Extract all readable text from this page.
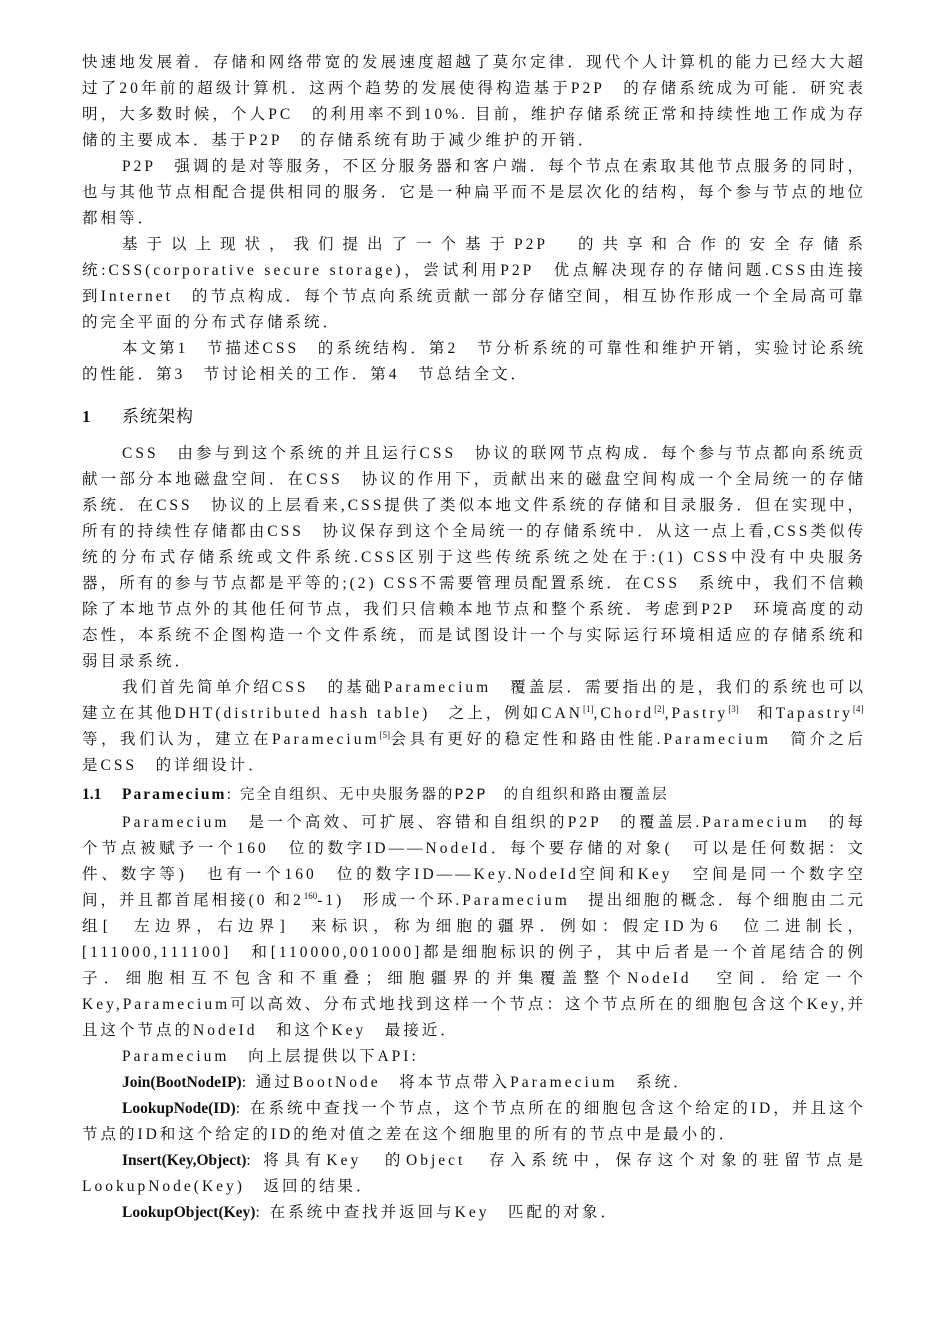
快速地发展着．存储和网络带宽的发展速度超越了莫尔定律．现代个人计算机的能力已经大大超过了20年前的超级计算机．这两个趋势的发展使得构造基于P2P　的存储系统成为可能．研究表明，大多数时候，个人PC　的利用率不到10%. 目前，维护存储系统正常和持续性地工作成为存储的主要成本．基于P2P　的存储系统有助于减少维护的开销．

P2P　强调的是对等服务，不区分服务器和客户端．每个节点在索取其他节点服务的同时，也与其他节点相配合提供相同的服务．它是一种扁平而不是层次化的结构，每个参与节点的地位都相等．

基于以上现状，我们提出了一个基于P2P　的共享和合作的安全存储系统:CSS(corporative secure storage)，尝试利用P2P　优点解决现存的存储问题.CSS由连接到Internet　的节点构成．每个节点向系统贡献一部分存储空间，相互协作形成一个全局高可靠的完全平面的分布式存储系统．

本文第1　节描述CSS　的系统结构．第2　节分析系统的可靠性和维护开销，实验讨论系统的性能．第3　节讨论相关的工作．第4　节总结全文．

1 系统架构

CSS　由参与到这个系统的并且运行CSS　协议的联网节点构成．每个参与节点都向系统贡献一部分本地磁盘空间．在CSS　协议的作用下，贡献出来的磁盘空间构成一个全局统一的存储系统．在CSS　协议的上层看来,CSS提供了类似本地文件系统的存储和目录服务．但在实现中，所有的持续性存储都由CSS　协议保存到这个全局统一的存储系统中．从这一点上看,CSS类似传统的分布式存储系统或文件系统.CSS区别于这些传统系统之处在于:(1) CSS中没有中央服务器，所有的参与节点都是平等的;(2) CSS不需要管理员配置系统．在CSS　系统中，我们不信赖除了本地节点外的其他任何节点，我们只信赖本地节点和整个系统．考虑到P2P　环境高度的动态性，本系统不企图构造一个文件系统，而是试图设计一个与实际运行环境相适应的存储系统和弱目录系统．

我们首先简单介绍CSS　的基础Paramecium　覆盖层．需要指出的是，我们的系统也可以建立在其他DHT(distributed hash table)　之上，例如CAN[1],Chord[2],Pastry[3]　和Tapastry[4]　等，我们认为，建立在Paramecium[5]会具有更好的稳定性和路由性能.Paramecium　简介之后是CSS　的详细设计．

1.1 Paramecium: 完全自组织、无中央服务器的P2P　的自组织和路由覆盖层

Paramecium　是一个高效、可扩展、容错和自组织的P2P　的覆盖层.Paramecium　的每个节点被赋予一个160　位的数字ID——NodeId．每个要存储的对象(　可以是任何数据：文件、数字等)　也有一个160　位的数字ID——Key.NodeId空间和Key　空间是同一个数字空间，并且都首尾相接(0 和$2^{160}-1$)　形成一个环.Paramecium　提出细胞的概念．每个细胞由二元组[　左边界，右边界]　来标识，称为细胞的疆界．例如：假定ID为6　位二进制长，[111000,111100]　和[110000,001000]都是细胞标识的例子，其中后者是一个首尾结合的例子．细胞相互不包含和不重叠；细胞疆界的并集覆盖整个NodeId　空间．给定一个Key,Paramecium可以高效、分布式地找到这样一个节点：这个节点所在的细胞包含这个Key,并且这个节点的NodeId　和这个Key　最接近．

Paramecium　向上层提供以下API:

Join(BootNodeIP): 通过BootNode　将本节点带入Paramecium　系统．

LookupNode(ID): 在系统中查找一个节点，这个节点所在的细胞包含这个给定的ID，并且这个节点的ID和这个给定的ID的绝对值之差在这个细胞里的所有的节点中是最小的．

Insert(Key,Object): 将具有Key　的Object　存入系统中，保存这个对象的驻留节点是LookupNode(Key)　返回的结果．

LookupObject(Key): 在系统中查找并返回与Key　匹配的对象．
